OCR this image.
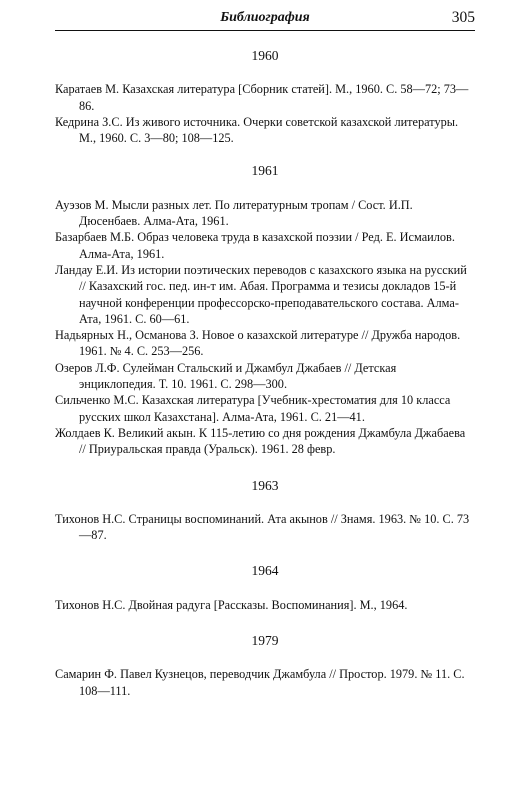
Библиография	305

1960

Каратаев М. Казахская литература [Сборник статей]. М., 1960. С. 58—72; 73—86.

Кедрина З.С. Из живого источника. Очерки советской казахской литературы. М., 1960. С. 3—80; 108—125.

1961

Ауэзов М. Мысли разных лет. По литературным тропам / Сост. И.П. Дюсенбаев. Алма-Ата, 1961.

Базарбаев М.Б. Образ человека труда в казахской поэзии / Ред. Е. Исмаилов. Алма-Ата, 1961.

Ландау Е.И. Из истории поэтических переводов с казахского языка на русский // Казахский гос. пед. ин-т им. Абая. Программа и тезисы докладов 15-й научной конференции профессорско-преподавательского состава. Алма-Ата, 1961. С. 60—61.

Надьярных Н., Османова З. Новое о казахской литературе // Дружба народов. 1961. № 4. С. 253—256.

Озеров Л.Ф. Сулейман Стальский и Джамбул Джабаев // Детская энциклопедия. Т. 10. 1961. С. 298—300.

Сильченко М.С. Казахская литература [Учебник-хрестоматия для 10 класса русских школ Казахстана]. Алма-Ата, 1961. С. 21—41.

Жолдаев К. Великий акын. К 115-летию со дня рождения Джамбула Джабаева // Приуральская правда (Уральск). 1961. 28 февр.

1963

Тихонов Н.С. Страницы воспоминаний. Ата акынов // Знамя. 1963. № 10. С. 73—87.

1964

Тихонов Н.С. Двойная радуга [Рассказы. Воспоминания]. М., 1964.

1979

Самарин Ф. Павел Кузнецов, переводчик Джамбула // Простор. 1979. № 11. С. 108—111.
